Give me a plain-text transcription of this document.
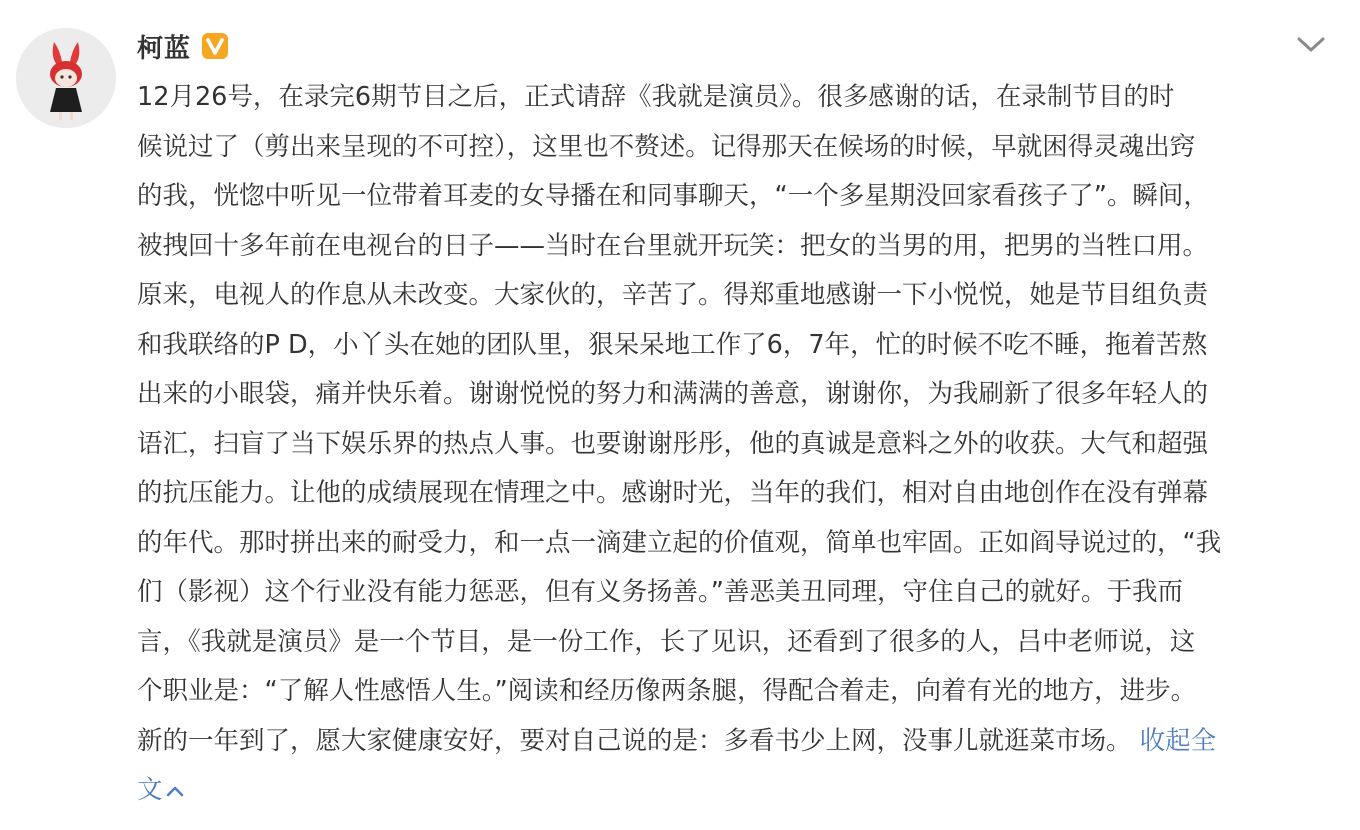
柯蓝
12月26号，在录完6期节目之后，正式请辞《我就是演员》。很多感谢的话，在录制节目的时
候说过了（剪出来呈现的不可控），这里也不赘述。记得那天在候场的时候，早就困得灵魂出窍
的我，恍惚中听见一位带着耳麦的女导播在和同事聊天，“一个多星期没回家看孩子了”。瞬间，
被拽回十多年前在电视台的日子——当时在台里就开玩笑：把女的当男的用，把男的当牲口用。
原来，电视人的作息从未改变。大家伙的，辛苦了。得郑重地感谢一下小悦悦，她是节目组负责
和我联络的P D，小丫头在她的团队里，狠呆呆地工作了6，7年，忙的时候不吃不睡，拖着苦熬
出来的小眼袋，痛并快乐着。谢谢悦悦的努力和满满的善意，谢谢你，为我刷新了很多年轻人的
语汇，扫盲了当下娱乐界的热点人事。也要谢谢彤彤，他的真诚是意料之外的收获。大气和超强
的抗压能力。让他的成绩展现在情理之中。感谢时光，当年的我们，相对自由地创作在没有弹幕
的年代。那时拼出来的耐受力，和一点一滴建立起的价值观，简单也牢固。正如阎导说过的，“我
们（影视）这个行业没有能力惩恶，但有义务扬善。”善恶美丑同理，守住自己的就好。于我而
言，《我就是演员》是一个节目，是一份工作，长了见识，还看到了很多的人，吕中老师说，这
个职业是：“了解人性感悟人生。”阅读和经历像两条腿，得配合着走，向着有光的地方，进步。
新的一年到了，愿大家健康安好，要对自己说的是：多看书少上网，没事儿就逛菜市场。 收起全
文
